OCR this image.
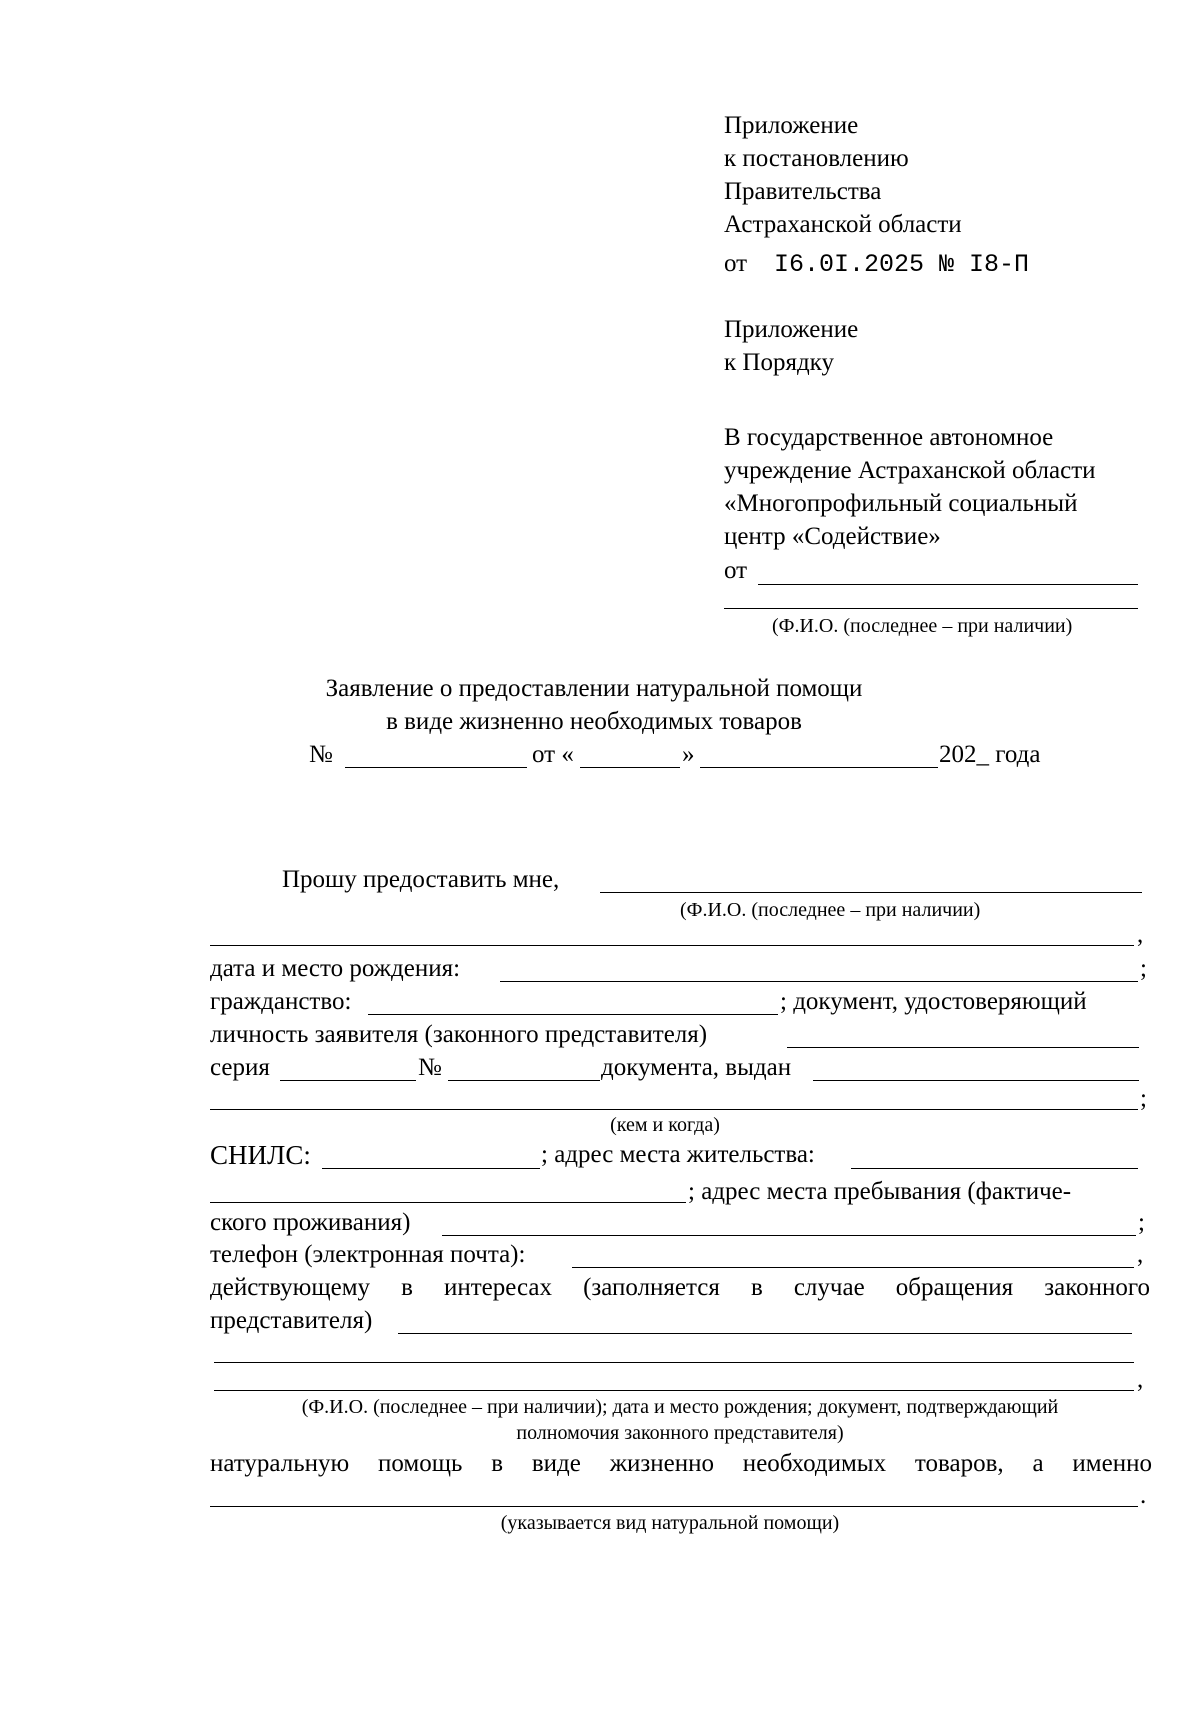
Приложение
к постановлению
Правительства
Астраханской области
от I6.0I.2025 № I8-П
Приложение
к Порядку
В государственное автономное
учреждение Астраханской области
«Многопрофильный социальный
центр «Содействие»
от
(Ф.И.О. (последнее – при наличии)
Заявление о предоставлении натуральной помощи
в виде жизненно необходимых товаров
№	от «	»	202_ года
Прошу предоставить мне,
(Ф.И.О. (последнее – при наличии)
,
дата и место рождения:	;
гражданство:	; документ, удостоверяющий
личность заявителя (законного представителя)
серия	№	документа, выдан
;
(кем и когда)
СНИЛС:	; адрес места жительства:
; адрес места пребывания (фактиче-
ского проживания)	;
телефон (электронная почта):	,
действующему в интересах (заполняется в случае обращения законного
представителя)
,
(Ф.И.О. (последнее – при наличии); дата и место рождения; документ, подтверждающий
полномочия законного представителя)
натуральную помощь в виде жизненно необходимых товаров, а именно
.
(указывается вид натуральной помощи)
